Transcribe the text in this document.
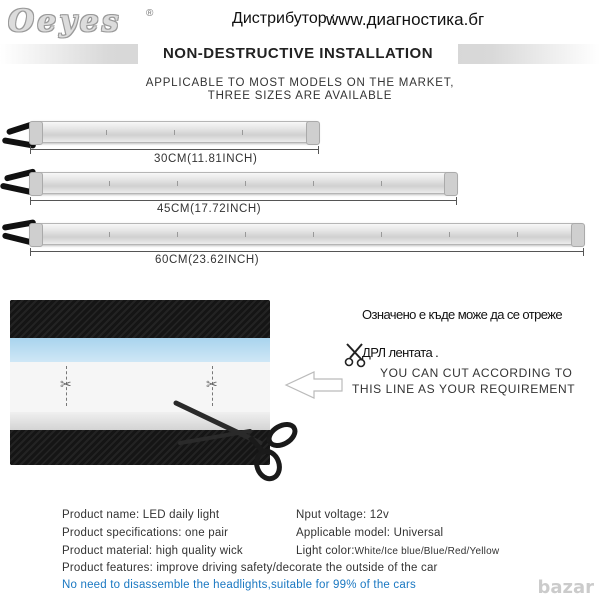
Oeyes ®	Дистрибутор :
www.диагностика.бг
NON-DESTRUCTIVE INSTALLATION
APPLICABLE TO MOST MODELS ON THE MARKET,
THREE SIZES ARE AVAILABLE
30CM(11.81INCH)
45CM(17.72INCH)
60CM(23.62INCH)
✂	✂
Означено е къде може да се отреже
ДРЛ лентата .
YOU CAN CUT ACCORDING TO
THIS LINE AS YOUR REQUIREMENT
Product name: LED daily light	Nput voltage: 12v
Product specifications: one pair	Applicable model: Universal
Product material: high quality wick	Light color:White/Ice blue/Blue/Red/Yellow
Product features: improve driving safety/decorate the outside of the car
No need to disassemble the headlights,suitable for 99% of the cars	bazar
